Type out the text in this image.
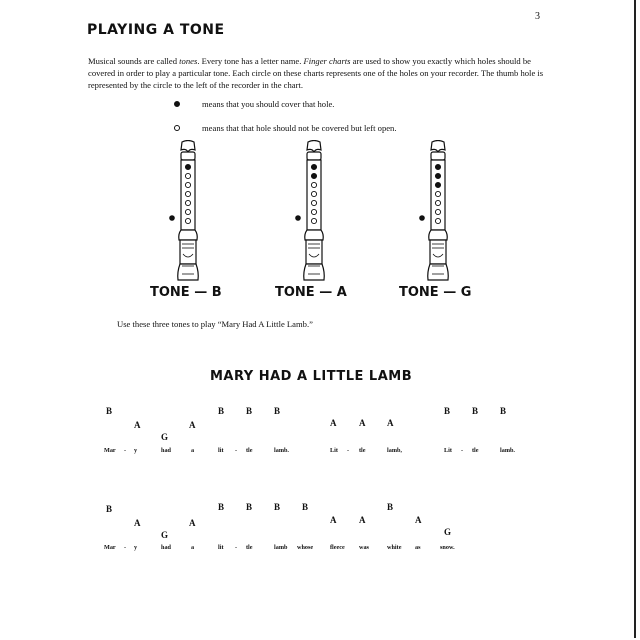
3
PLAYING A TONE
Musical sounds are called tones. Every tone has a letter name. Finger charts are used to show you exactly which holes should be covered in order to play a particular tone. Each circle on these charts represents one of the holes on your recorder. The thumb hole is represented by the circle to the left of the recorder in the chart.
means that you should cover that hole.
means that that hole should not be covered but left open.
TONE — B	TONE — A	TONE — G
Use these three tones to play “Mary Had A Little Lamb.”
MARY HAD A LITTLE LAMB
B
A
G
A
B B B
A	A A
B B B
Mar - y	had	a	lit - tle	lamb.	Lit - tle	lamb,	Lit - tle	lamb.
B
A
G
A
B B B B
A	A
B
A
G
Mar - y	had	a	lit - tle	lamb whose	fleece was	white as	snow.
